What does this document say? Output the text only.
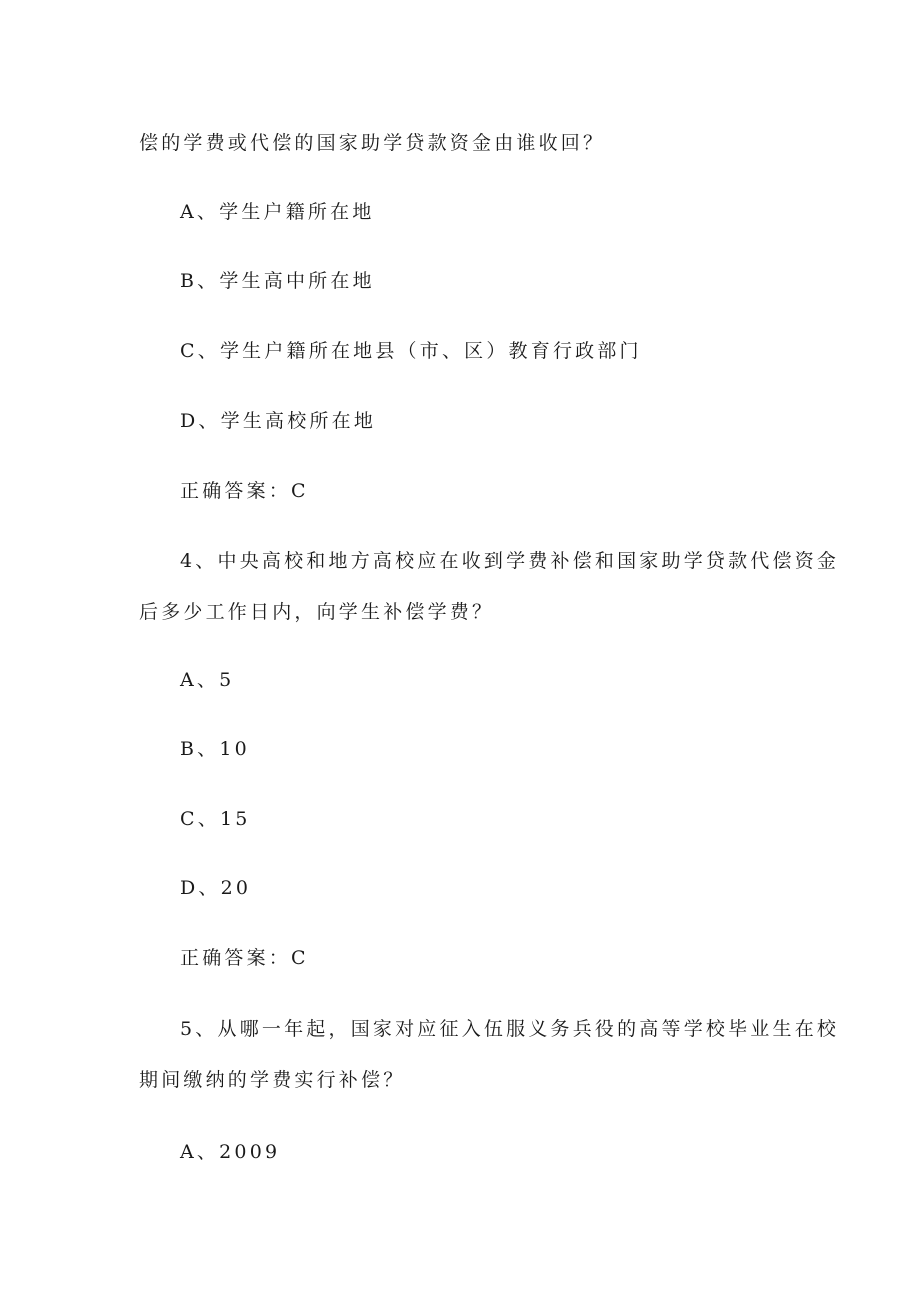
偿的学费或代偿的国家助学贷款资金由谁收回？
A、学生户籍所在地
B、学生高中所在地
C、学生户籍所在地县（市、区）教育行政部门
D、学生高校所在地
正确答案：C
4、中央高校和地方高校应在收到学费补偿和国家助学贷款代偿资金
后多少工作日内，向学生补偿学费？
A、5
B、10
C、15
D、20
正确答案：C
5、从哪一年起，国家对应征入伍服义务兵役的高等学校毕业生在校
期间缴纳的学费实行补偿？
A、2009
